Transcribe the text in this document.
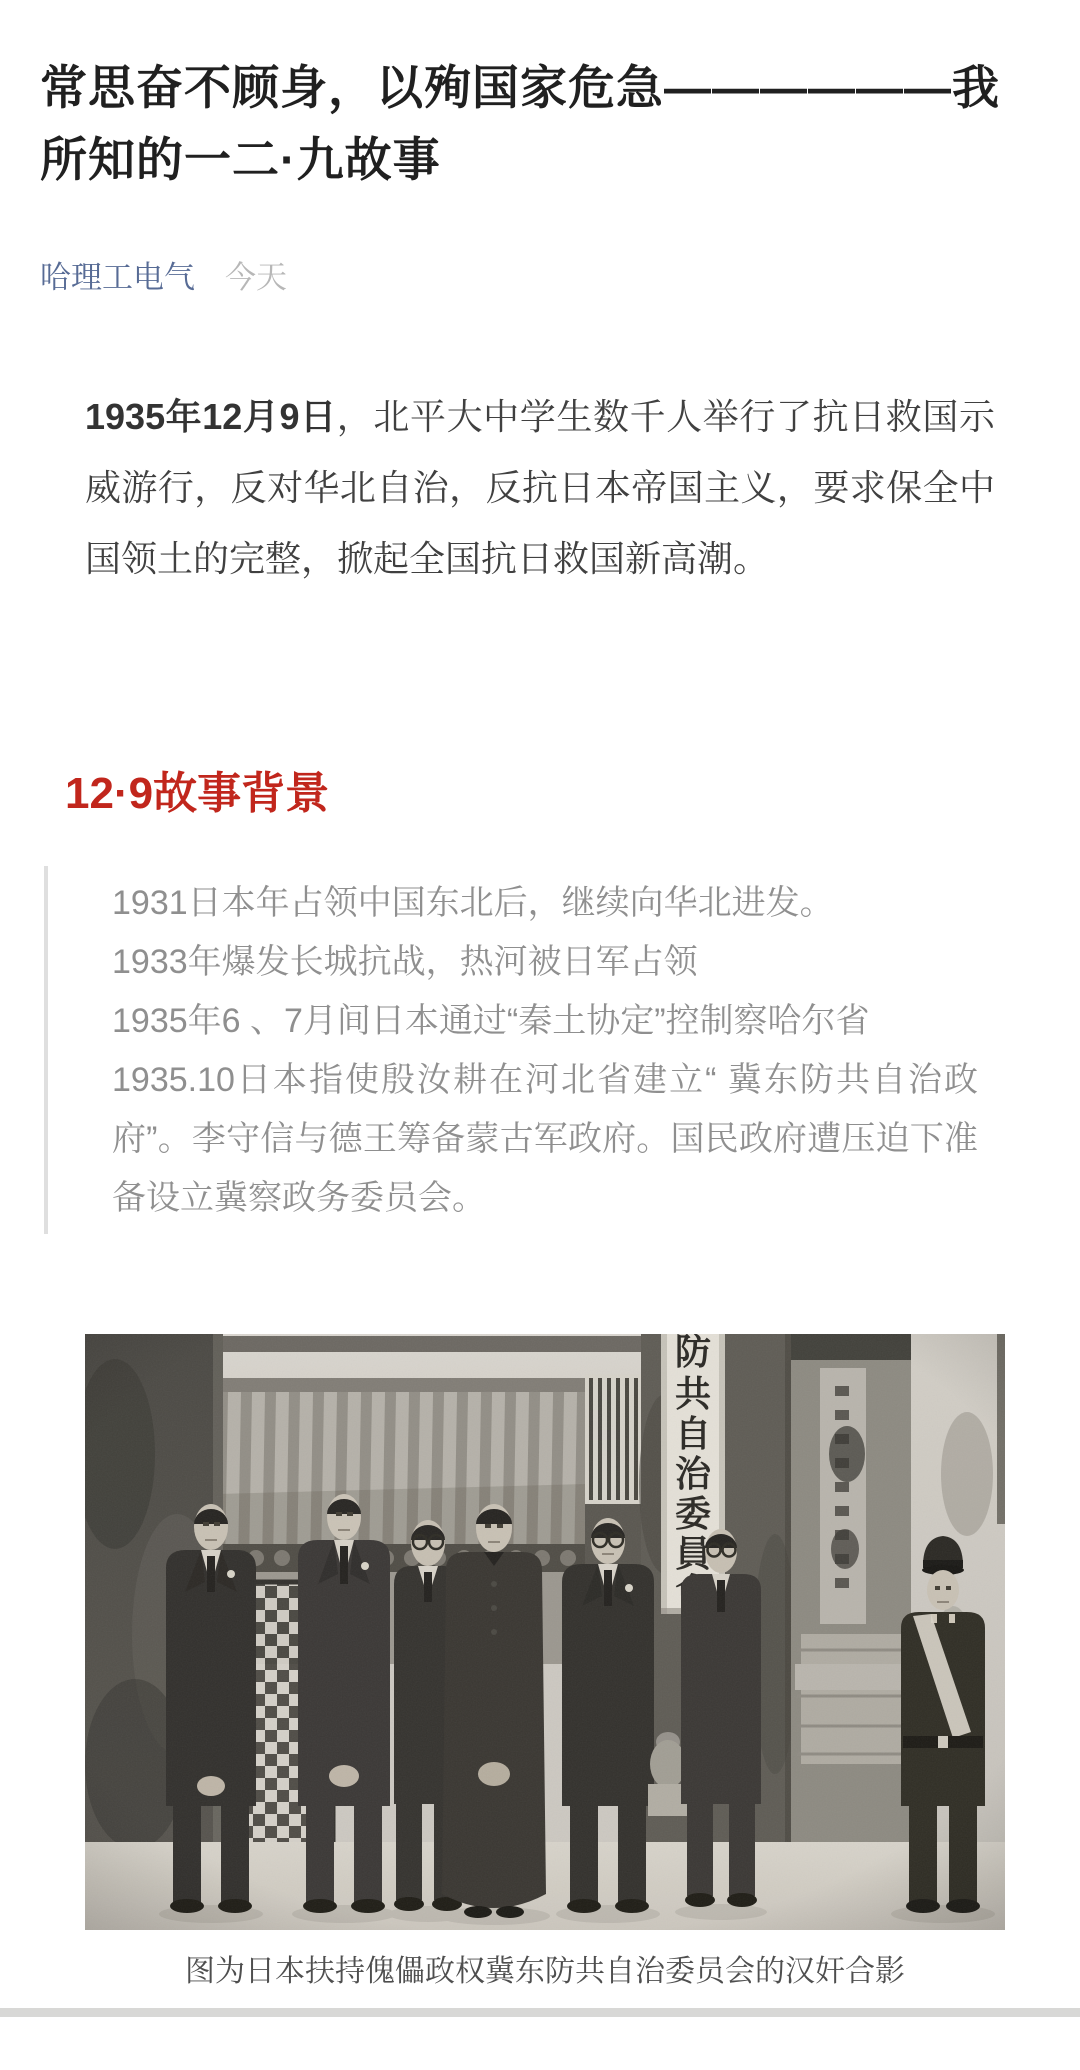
常思奋不顾身，以殉国家危急——————我所知的一二·九故事
哈理工电气 今天

1935年12月9日，北平大中学生数千人举行了抗日救国示威游行，反对华北自治，反抗日本帝国主义，要求保全中国领土的完整，掀起全国抗日救国新高潮。

12·9故事背景

1931日本年占领中国东北后，继续向华北进发。

1933年爆发长城抗战，热河被日军占领

1935年6 、7月间日本通过“秦土协定”控制察哈尔省

1935.10日本指使殷汝耕在河北省建立“ 冀东防共自治政府”。李守信与德王筹备蒙古军政府。国民政府遭压迫下准备设立冀察政务委员会。

图为日本扶持傀儡政权冀东防共自治委员会的汉奸合影
